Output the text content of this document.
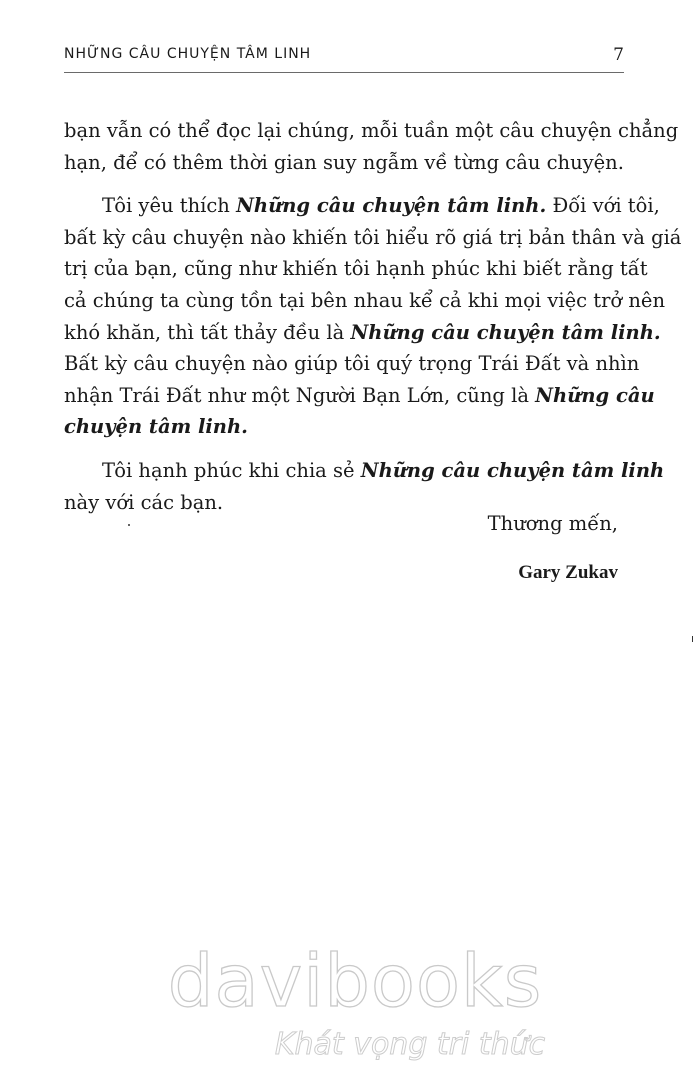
NHỮNG CÂU CHUYỆN TÂM LINH	7
bạn vẫn có thể đọc lại chúng, mỗi tuần một câu chuyện chẳng
hạn, để có thêm thời gian suy ngẫm về từng câu chuyện.
Tôi yêu thích Những câu chuyện tâm linh. Đối với tôi,
bất kỳ câu chuyện nào khiến tôi hiểu rõ giá trị bản thân và giá
trị của bạn, cũng như khiến tôi hạnh phúc khi biết rằng tất
cả chúng ta cùng tồn tại bên nhau kể cả khi mọi việc trở nên
khó khăn, thì tất thảy đều là Những câu chuyện tâm linh.
Bất kỳ câu chuyện nào giúp tôi quý trọng Trái Đất và nhìn
nhận Trái Đất như một Người Bạn Lớn, cũng là Những câu
chuyện tâm linh.
Tôi hạnh phúc khi chia sẻ Những câu chuyện tâm linh
này với các bạn.
Thương mến,
Gary Zukav
davibooks
Khát vọng tri thức
